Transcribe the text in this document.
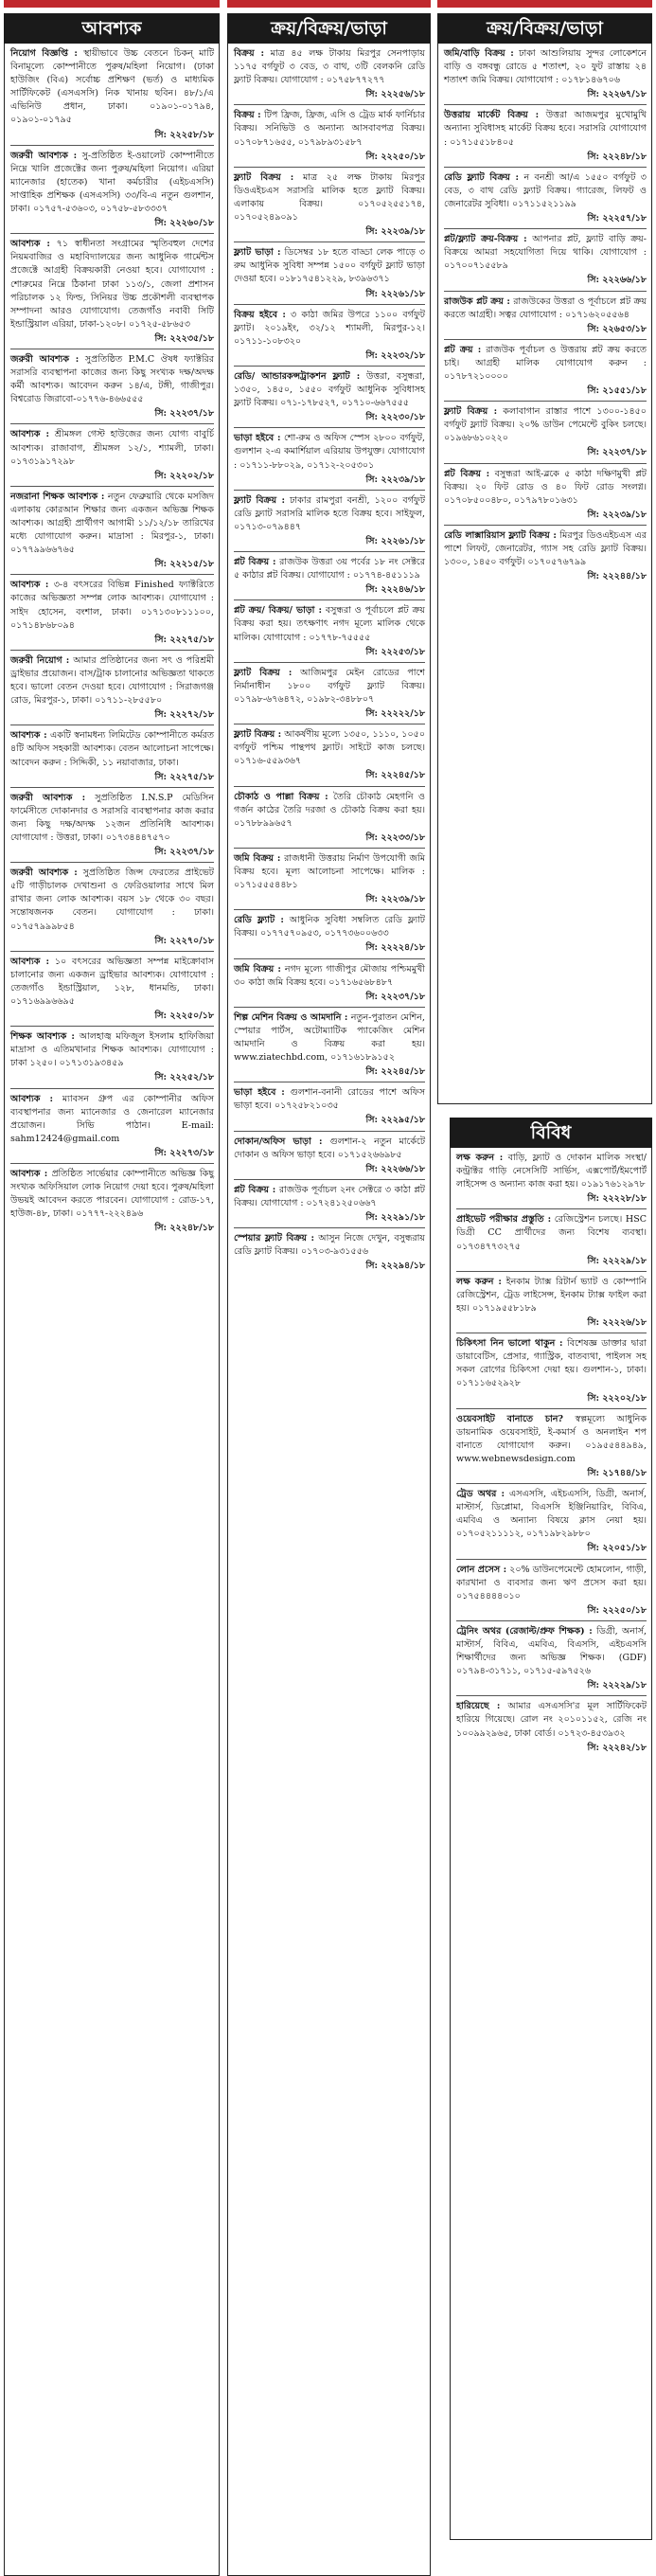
আবশ্যক
নিয়োগ বিজ্ঞপ্তি : স্থায়ীভাবে উচ্চ বেতনে চিকন্‌ মাটি বিনামূল্যে কোম্পানীতে পুরুষ/মহিলা নিয়োগ। (ঢাকা হাউজিং (বিএ) সর্বোচ্চ প্রশিক্ষণ (ভর্ত) ও মাধ্যমিক সার্টিফিকেট (এসএসসি) নিক খানায় ছবিন। ৪৮/১/এ এভিনিউ প্রধান, ঢাকা। ০১৯০১-০১৭৯৪, ০১৯০১-০১৭৯৫
সি: ২২২৫৮/১৮
জরুরী আবশ্যক : সু-প্রতিষ্ঠিত ই-ওয়ালেট কোম্পানীতে নিম্নে খালি প্রজেক্টের জন্য পুরুষ/মহিলা নিয়োগ। এরিয়া ম্যানেজার (হাতেক) খানা কর্মচারীর (এইচএসসি) সাপ্তাহিক প্রশিক্ষক (এসএসসি) ৩৩/বি-এ নতুন গুলশান, ঢাকা। ০১৭৫৭-৫৩৬০৩, ০১৭৫৮-৫৮৩৩৩৭
সি: ২২২৬০/১৮
আবশ্যক : ৭১ স্বাধীনতা সংগ্রামের স্মৃতিবহুল দেশের নিয়মবাজির ও মহাবিদ্যালয়ের জন্য আধুনিক গার্মেন্টস প্রজেক্টে আগ্রহী বিক্রয়কারী নেওয়া হবে। যোগাযোগ : শোরুমের নিম্নে ঠিকানা ঢাকা ১১৩/১, জেলা প্রশাসন পরিচালক ১২ ফিল্ড, সিনিয়র উচ্চ প্রকৌশলী ব্যবস্থাপক সম্পাদনা আরও যোগাযোগ। তেজগাঁও নবাবী সিটি ইন্ডাস্ট্রিয়াল এরিয়া, ঢাকা-১২০৮। ০১৭২৫-৫৮৬৫৩
সি: ২২২৩৫/১৮
জরুরী আবশ্যক : সুপ্রতিষ্ঠিত P.M.C ঔষধ ফ্যাক্টরির সরাসরি ব্যবস্থাপনা কাজের জন্য কিছু সংখ্যক দক্ষ/অদক্ষ কর্মী আবশ্যক। আবেদন করুন ১৪/এ, টঙ্গী, গাজীপুর। বিশ্বরোড জিরাবো-০১৭৭৬-৪৬৬৫৫৫
সি: ২২২৩৭/১৮
আবশ্যক : শ্রীমঙ্গল গেস্ট হাউজের জন্য যোগ্য বাবুর্চি আবশ্যক। রাজাবাগ, শ্রীমঙ্গল ১২/১, শ্যামলী, ঢাকা। ০১৭৩১৯১৭২৯৮
সি: ২২২০২/১৮
নজরানা শিক্ষক আবশ্যক : নতুন ফেব্রুয়ারি থেকে মসজিদ এলাকায় কোরআন শিক্ষার জন্য একজন অভিজ্ঞ শিক্ষক আবশ্যক। আগ্রহী প্রার্থীগণ আগামী ১১/১২/১৮ তারিখের মধ্যে যোগাযোগ করুন। মাদ্রাসা : মিরপুর-১, ঢাকা। ০১৭৭৯৯৬৬৭৬৫
সি: ২২২১৫/১৮
আবশ্যক : ৩-৪ বৎসরের বিভিন্ন Finished ফ্যাক্টরিতে কাজের অভিজ্ঞতা সম্পন্ন লোক আবশ্যক। যোগাযোগ : সাইদ হোসেন, বংশাল, ঢাকা। ০১৭১৩০৮১১১০০, ০১৭১৪৮৬৮০৯৪
সি: ২২২৭৫/১৮
জরুরী নিয়োগ : আমার প্রতিষ্ঠানের জন্য সৎ ও পরিশ্রমী ড্রাইভার প্রয়োজন। বাস/ট্রাক চালানোর অভিজ্ঞতা থাকতে হবে। ভালো বেতন দেওয়া হবে। যোগাযোগ : সিরাজগঞ্জ রোড, মিরপুর-১, ঢাকা। ০১৭১১-২৮৫৫৮০
সি: ২২২৭২/১৮
আবশ্যক : একটি স্বনামধন্য লিমিটেড কোম্পানীতে কর্মরত ৪টি অফিস সহকারী আবশ্যক। বেতন আলোচনা সাপেক্ষে। আবেদন করুন : সিদ্দিকী, ১১ নয়াবাজার, ঢাকা।
সি: ২২২৭৫/১৮
জরুরী আবশ্যক : সুপ্রতিষ্ঠিত I.N.S.P মেডিসিন ফার্মেসীতে দোকানদার ও সরাসরি ব্যবস্থাপনার কাজ করার জন্য কিছু দক্ষ/অদক্ষ ১২জন প্রতিনিধি আবশ্যক। যোগাযোগ : উত্তরা, ঢাকা। ০১৭৩৪৪৪৭৫৭০
সি: ২২২৩৭/১৮
জরুরী আবশ্যক : সুপ্রতিষ্ঠিত জিন্স ফেরতের প্রাইভেট ৫টি গাড়ীচালক দেখাশুনা ও ফেরিওয়ালার সাথে মিল রাখার জন্য লোক আবশ্যক। বয়স ১৮ থেকে ৩০ বছর। সন্তোষজনক বেতন। যোগাযোগ : ঢাকা। ০১৭৫৭৯৯৯৮৫৪
সি: ২২২৭০/১৮
আবশ্যক : ১০ বৎসরের অভিজ্ঞতা সম্পন্ন মাইক্রোবাস চালানোর জন্য একজন ড্রাইভার আবশ্যক। যোগাযোগ : তেজগাঁও ইন্ডাস্ট্রিয়াল, ১২৮, ধানমন্ডি, ঢাকা। ০১৭১৬৯৯৬৬৯৫
সি: ২২২৫০/১৮
শিক্ষক আবশ্যক : আলহাজ্ব মফিজুল ইসলাম হাফিজিয়া মাদ্রাসা ও এতিমখানার শিক্ষক আবশ্যক। যোগাযোগ : ঢাকা ১২৫০। ০১৭১৩১৯৩৪৫৯
সি: ২২২৫২/১৮
আবশ্যক : ম্যাবসন গ্রুপ এর কোম্পানীর অফিস ব্যবস্থাপনার জন্য ম্যানেজার ও জেনারেল ম্যানেজার প্রয়োজন। সিভি পাঠান। E-mail: sahm12424@gmail.com
সি: ২২২৭৩/১৮
আবশ্যক : প্রতিষ্ঠিত সার্ভেয়ার কোম্পানীতে অভিজ্ঞ কিছু সংখ্যক অফিসিয়াল লোক নিয়োগ দেয়া হবে। পুরুষ/মহিলা উভয়ই আবেদন করতে পারবেন। যোগাযোগ : রোড-১৭, হাউজ-৪৮, ঢাকা। ০১৭৭৭-২২২৪৯৬
সি: ২২২৪৮/১৮
ক্রয়/বিক্রয়/ভাড়া
বিক্রয় : মাত্র ৪৫ লক্ষ টাকায় মিরপুর সেনপাড়ায় ১১৭৫ বর্গফুট ৩ বেড, ৩ বাথ, ৩টি বেলকনি রেডি ফ্ল্যাট বিক্রয়। যোগাযোগ : ০১৭৫৮৭৭২৭৭
সি: ২২২৫৬/১৮
বিক্রয় : টিপ ফ্রিজ, ফ্রিজ, এসি ও ট্রেড মার্ক ফার্নিচার বিক্রয়। সনিভিউ ও অন্যান্য আসবাবপত্র বিক্রয়। ০১৭০৮৭১৬৫৫, ০১৭৯৮৯৩১৫৮৭
সি: ২২২৫০/১৮
ফ্ল্যাট বিক্রয় : মাত্র ২৫ লক্ষ টাকায় মিরপুর ডিওএইচএস সরাসরি মালিক হতে ফ্ল্যাট বিক্রয়। এলাকায় বিক্রয়। ০১৭০৫২৫৫১৭৪, ০১৭০৫২৪৯০৯১
সি: ২২২৩৯/১৮
ফ্ল্যাট ভাড়া : ডিসেম্বর ১৮ হতে বাড্ডা লেক পাড়ে ৩ রুম আধুনিক সুবিধা সম্পন্ন ১৫০০ বর্গফুট ফ্ল্যাট ভাড়া দেওয়া হবে। ০১৮১৭৫৪১২২৯, ৮৩৯৬৩৭১
সি: ২২২৬১/১৮
বিক্রয় হইবে : ৩ কাঠা জমির উপরে ১১০০ বর্গফুট ফ্ল্যাট। ২০১৯ইং, ৩২/১২ শ্যামলী, মিরপুর-১২। ০১৭১১-১০৮৩২০
সি: ২২২৩২/১৮
রেডি/ আন্ডারকন্সট্রাকশন ফ্ল্যাট : উত্তরা, বসুন্ধরা, ১৩৫০, ১৪৫০, ১৫৫০ বর্গফুট আধুনিক সুবিধাসহ ফ্ল্যাট বিক্রয়। ০৭১-১৭৮৫২৭, ০১৭১০-৬৬৭৫৫৫
সি: ২২২৩০/১৮
ভাড়া হইবে : শো-রুম ও অফিস স্পেস ২৮০০ বর্গফুট, গুলশান ২-এ কমার্শিয়াল এরিয়ায় উপযুক্ত। যোগাযোগ : ০১৭১১-৮৮০২৯, ০১৭১২-২০৫৩০১
সি: ২২২৩৯/১৮
ফ্ল্যাট বিক্রয় : ঢাকার রামপুরা বনশ্রী, ১২০০ বর্গফুট রেডি ফ্ল্যাট সরাসরি মালিক হতে বিক্রয় হবে। সাইফুল, ০১৭১৩-০৭৯৪৪৭
সি: ২২২৬১/১৮
প্লট বিক্রয় : রাজউক উত্তরা ৩য় পর্বের ১৮ নং সেক্টরে ৫ কাঠার প্লট বিক্রয়। যোগাযোগ : ০১৭৭৪-৪৫১১১৯
সি: ২২২৪৬/১৮
প্লট ক্রয়/ বিক্রয়/ ভাড়া : বসুন্ধরা ও পূর্বাচলে প্লট ক্রয় বিক্রয় করা হয়। তৎক্ষণাৎ নগদ মূল্যে মালিক থেকে মালিক। যোগাযোগ : ০১৭৭৮-৭৫৫৫৫
সি: ২২২৫৩/১৮
ফ্ল্যাট বিক্রয় : আজিমপুর মেইন রোডের পাশে নির্মানাধীন ১৮০০ বর্গফুট ফ্ল্যাট বিক্রয়। ০১৭৯৮-৬৭৬৪৭২, ০১৯৮২-৩৪৮৮০৭
সি: ২২২২২/১৮
ফ্ল্যাট বিক্রয় : আকর্ষণীয় মূল্যে ১৩৫০, ১১১০, ১০৫০ বর্গফুট পশ্চিম পান্থপথ ফ্ল্যাট। সাইটে কাজ চলছে। ০১৭১৬-৫৫৯৩৬৭
সি: ২২২৪৫/১৮
চৌকাঠ ও পাল্লা বিক্রয় : তৈরি চৌকাঠ মেহগনি ও গর্জন কাঠের তৈরি দরজা ও চৌকাঠ বিক্রয় করা হয়। ০১৭৮৮৯৯৬৫৭
সি: ২২২৩৩/১৮
জমি বিক্রয় : রাজধানী উত্তরায় নির্মাণ উপযোগী জমি বিক্রয় হবে। মূল্য আলোচনা সাপেক্ষে। মালিক : ০১৭১৫৫৫৪৪৮১
সি: ২২২৩৯/১৮
রেডি ফ্ল্যাট : আধুনিক সুবিধা সম্বলিত রেডি ফ্ল্যাট বিক্রয়। ০১৭৭৫৭০৯৫৩, ০১৭৭৩৬০০৬৩৩
সি: ২২২২৪/১৮
জমি বিক্রয় : নগদ মূল্যে গাজীপুর মৌজায় পশ্চিমমুখী ৩০ কাঠা জমি বিক্রয় হবে। ০১৭১৬৫৬৮৪৮৭
সি: ২২২৩৭/১৮
শিল্প মেশিন বিক্রয় ও আমদানি : নতুন-পুরাতন মেশিন, স্পেয়ার পার্টস, অটোম্যাটিক প্যাকেজিং মেশিন আমদানি ও বিক্রয় করা হয়। www.ziatechbd.com, ০১৭১৬১৮৯১৫২
সি: ২২২৪৫/১৮
ভাড়া হইবে : গুলশান-বনানী রোডের পাশে অফিস ভাড়া হবে। ০১৭২৫৮২১০৩৫
সি: ২২২৯৫/১৮
দোকান/অফিস ভাড়া : গুলশান-২ নতুন মার্কেটে দোকান ও অফিস ভাড়া হবে। ০১৭১৫২৬৬৯৮৫
সি: ২২২৬৬/১৮
প্লট বিক্রয় : রাজউক পূর্বাচল ২নং সেক্টরে ৩ কাঠা প্লট বিক্রয়। যোগাযোগ : ০১৭২৪১২৫০৬৬৭
সি: ২২২৯১/১৮
স্পেয়ার ফ্ল্যাট বিক্রয় : আসুন নিজে দেখুন, বসুন্ধরায় রেডি ফ্ল্যাট বিক্রয়। ০১৭০৩-৯৩১৫৫৬
সি: ২২২৯৪/১৮
ক্রয়/বিক্রয়/ভাড়া
জমি/বাড়ি বিক্রয় : ঢাকা আশুলিয়ায় সুন্দর লোকেশনে বাড়ি ও বঙ্গবন্ধু রোডে ৫ শতাংশ, ২০ ফুট রাস্তায় ২৪ শতাংশ জমি বিক্রয়। যোগাযোগ : ০১৭৮১৪৬৭০৬
সি: ২২২৬৭/১৮
উত্তরায় মার্কেট বিক্রয় : উত্তরা আজমপুর মুখোমুখি অন্যান্য সুবিধাসহ মার্কেট বিক্রয় হবে। সরাসরি যোগাযোগ : ০১৭১৫৫১৮৪০৫
সি: ২২২৪৮/১৮
রেডি ফ্ল্যাট বিক্রয় : ন বনশ্রী আ/এ ১৫৫০ বর্গফুট ৩ বেড, ৩ বাথ রেডি ফ্ল্যাট বিক্রয়। গ্যারেজ, লিফট ও জেনারেটর সুবিধা। ০১৭১১৫২১১৯৯
সি: ২২২৫৭/১৮
প্লট/ফ্ল্যাট ক্রয়-বিক্রয় : আপনার প্লট, ফ্ল্যাট বাড়ি ক্রয়-বিক্রয়ে আমরা সহযোগিতা দিয়ে থাকি। যোগাযোগ : ০১৭০০৭১৫৫৮৯
সি: ২২২৬৬/১৮
রাজউক প্লট ক্রয় : রাজউকের উত্তরা ও পূর্বাচলে প্লট ক্রয় করতে আগ্রহী। সত্বর যোগাযোগ : ০১৭১৬২০৫৫৬৪
সি: ২২৬৫৩/১৮
প্লট ক্রয় : রাজউক পূর্বাচল ও উত্তরায় প্লট ক্রয় করতে চাই। আগ্রহী মালিক যোগাযোগ করুন : ০১৭৮৭২১০০০০
সি: ২১৫৫১/১৮
ফ্ল্যাট বিক্রয় : কলাবাগান রাস্তার পাশে ১৩০০-১৪৫০ বর্গফুট ফ্ল্যাট বিক্রয়। ২০% ডাউন পেমেন্টে বুকিং চলছে। ০১৯৬৮৬১০২২০
সি: ২২২৩৭/১৮
প্লট বিক্রয় : বসুন্ধরা আই-ব্লকে ৫ কাঠা দক্ষিণমুখী প্লট বিক্রয়। ২০ ফিট রোড ও ৪০ ফিট রোড সংলগ্ন। ০১৭০৮৫০০৪৮০, ০১৭৯৭৮০১৬৩১
সি: ২২২৩৯/১৮
রেডি লাক্সারিয়াস ফ্ল্যাট বিক্রয় : মিরপুর ডিওএইচএস এর পাশে লিফট, জেনারেটর, গ্যাস সহ রেডি ফ্ল্যাট বিক্রয়। ১৩০০, ১৪৫০ বর্গফুট। ০১৭০৫৭৬৭৯৯
সি: ২২২৪৪/১৮
বিবিধ
লক্ষ করুন : বাড়ি, ফ্ল্যাট ও দোকান মালিক সংস্থা/ কন্ট্রাক্টর গাড়ি নেসেসিটি সার্ভিস, এক্সপোর্ট/ইমপোর্ট লাইসেন্স ও অন্যান্য কাজ করা হয়। ০১৯১৭৬১২৯৭৮
সি: ২২২২৮/১৮
প্রাইভেট পরীক্ষার প্রস্তুতি : রেজিস্ট্রেশন চলছে। HSC ডিগ্রী CC প্রার্থীদের জন্য বিশেষ ব্যবস্থা। ০১৭৩৪৭৭৩২৭৫
সি: ২২২২৯/১৮
লক্ষ করুন : ইনকাম ট্যাক্স রিটার্ন ভ্যাট ও কোম্পানি রেজিস্ট্রেশন, ট্রেড লাইসেন্স, ইনকাম ট্যাক্স ফাইল করা হয়। ০১৭১৯৫৫৮১৮৯
সি: ২২২২৬/১৮
চিকিৎসা নিন ভালো থাকুন : বিশেষজ্ঞ ডাক্তার দ্বারা ডায়াবেটিস, প্রেসার, গ্যাস্ট্রিক, বাতব্যথা, পাইলস সহ সকল রোগের চিকিৎসা দেয়া হয়। গুলশান-১, ঢাকা। ০১৭১১৬৫২৯২৮
সি: ২২২০২/১৮
ওয়েবসাইট বানাতে চান? স্বল্পমূল্যে আধুনিক ডায়নামিক ওয়েবসাইট, ই-কমার্স ও অনলাইন শপ বানাতে যোগাযোগ করুন। ০১৯৫৫৪৪৯৪৯, www.webnewsdesign.com
সি: ২১৭৪৪/১৮
ট্রেড অথর : এসএসসি, এইচএসসি, ডিগ্রী, অনার্স, মাস্টার্স, ডিপ্লোমা, বিএসসি ইঞ্জিনিয়ারিং, বিবিএ, এমবিএ ও অন্যান্য বিষয়ে ক্লাস নেয়া হয়। ০১৭০৫২১১১১২, ০১৭১৯৮২৯৮৮০
সি: ২২০৫১/১৮
লোন প্রসেস : ২০% ডাউনপেমেন্টে হোমলোন, গাড়ী, কারখানা ও ব্যবসার জন্য ঋণ প্রসেস করা হয়। ০১৭৫৪৪৪৪০১০
সি: ২২২৫০/১৮
ট্রেনিং অথর (রেজাল্ট/প্রুফ শিক্ষক) : ডিগ্রী, অনার্স, মাস্টার্স, বিবিএ, এমবিএ, বিএসসি, এইচএসসি শিক্ষার্থীদের জন্য অভিজ্ঞ শিক্ষক। (GDF) ০১৭৯৪-৩১৭১১, ০১৭১৫-৫৯৭৫২৬
সি: ২২২২৯/১৮
হারিয়েছে : আমার এসএসসি'র মূল সার্টিফিকেট হারিয়ে গিয়েছে। রোল নং ২০১০১১৫২, রেজি নং ১০০৯৯২৯৬৫, ঢাকা বোর্ড। ০১৭২৩-৪৫৩৯৩২
সি: ২২২৪২/১৮
